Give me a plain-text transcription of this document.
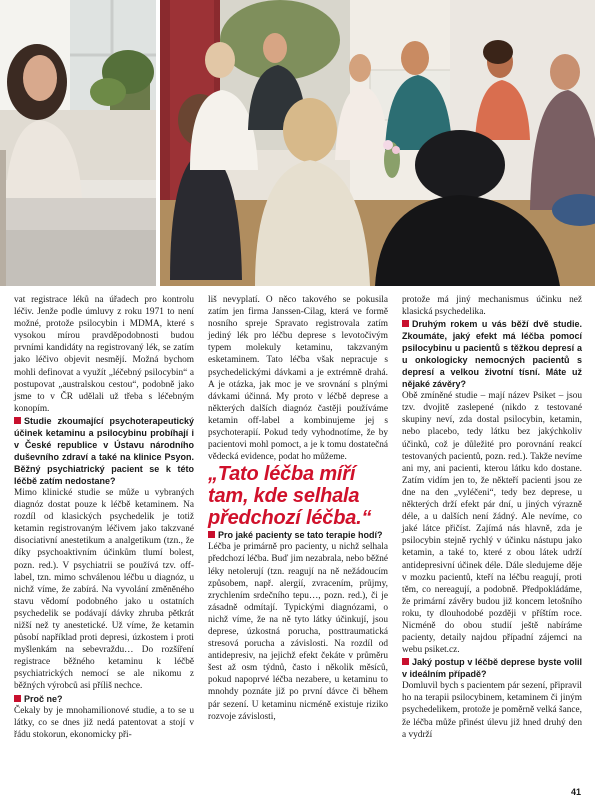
vat registrace léků na úřadech pro kontrolu léčiv. Jenže podle úmluvy z roku 1971 to není možné, protože psilocybin i MDMA, které s vysokou mírou pravděpodobnosti budou prvními kandidáty na registrovaný lék, se zatím jako léčivo objevit nesmějí. Možná bychom mohli definovat a využít „léčebný psilocybin“ a postupovat „australskou cestou“, podobně jako jsme to v ČR udělali už třeba s léčebným konopím.

Studie zkoumající psychoterapeutický účinek ketaminu a psilocybinu probíhají i v České republice v Ústavu národního duševního zdraví a také na klinice Psyon. Běžný psychiatrický pacient se k této léčbě zatím nedostane?

Mimo klinické studie se může u vybraných diagnóz dostat pouze k léčbě ketaminem. Na rozdíl od klasických psychedelik je totiž ketamin registrovaným léčivem jako takzvané disociativní anestetikum a analgetikum (tzn., že díky psychoaktivním účinkům tlumí bolest, pozn. red.). V psychiatrii se používá tzv. off-label, tzn. mimo schválenou léčbu u diagnóz, u nichž víme, že zabírá. Na vyvolání změněného stavu vědomí podobného jako u ostatních psychedelik se podávají dávky zhruba pětkrát nižší než ty anestetické. Už víme, že ketamin působí například proti depresi, úzkostem i proti myšlenkám na sebevraždu… Do rozšíření registrace běžného ketaminu k léčbě psychiatrických nemocí se ale nikomu z běžných výrobců asi příliš nechce.

Proč ne?

Čekaly by je mnohamilionové studie, a to se u látky, co se dnes již nedá patentovat a stojí v řádu stokorun, ekonomicky při-

liš nevyplatí. O něco takového se pokusila zatím jen firma Janssen-Cilag, která ve formě nosního spreje Spravato registrovala zatím jediný lék pro léčbu deprese s levotočivým typem molekuly ketaminu, takzvaným esketaminem. Tato léčba však nepracuje s psychedelickými dávkami a je extrémně drahá. A je otázka, jak moc je ve srovnání s plnými dávkami účinná. My proto v léčbě deprese a některých dalších diagnóz častěji používáme ketamin off-label a kombinujeme jej s psychoterapií. Pokud tedy vyhodnotíme, že by pacientovi mohl pomoct, a je k tomu dostatečná vědecká evidence, podat ho můžeme.

„Tato léčba míří tam, kde selhala předchozí léčba.“

Pro jaké pacienty se tato terapie hodí?

Léčba je primárně pro pacienty, u nichž selhala předchozí léčba. Buď jim nezabrala, nebo běžné léky netolerují (tzn. reagují na ně nežádoucím způsobem, např. alergií, zvracením, průjmy, zrychlením srdečního tepu…, pozn. red.), či je zásadně odmítají. Typickými diagnózami, o nichž víme, že na ně tyto látky účinkují, jsou deprese, úzkostná porucha, posttraumatická stresová porucha a závislosti. Na rozdíl od antidepresiv, na jejichž efekt čekáte v průměru šest až osm týdnů, často i několik měsíců, pokud napoprvé léčba nezabere, u ketaminu to mnohdy poznáte již po první dávce či během pár sezení. U ketaminu nicméně existuje riziko rozvoje závislosti,

protože má jiný mechanismus účinku než klasická psychedelika.

Druhým rokem u vás běží dvě studie. Zkoumáte, jaký efekt má léčba pomocí psilocybinu u pacientů s těžkou depresí a u onkologicky nemocných pacientů s depresí a velkou životní tísní. Máte už nějaké závěry?

Obě zmíněné studie – mají název Psiket – jsou tzv. dvojitě zaslepené (nikdo z testované skupiny neví, zda dostal psilocybin, ketamin, nebo placebo, tedy látku bez jakýchkoliv účinků, což je důležité pro porovnání reakcí testovaných pacientů, pozn. red.). Takže nevíme ani my, ani pacienti, kterou látku kdo dostane. Zatím vidím jen to, že někteří pacienti jsou ze dne na den „vyléčeni“, tedy bez deprese, u některých drží efekt pár dní, u jiných výrazně déle, a u dalších není žádný. Ale nevíme, co jaké látce přičíst. Zajímá nás hlavně, zda je psilocybin stejně rychlý v účinku nástupu jako ketamin, a také to, které z obou látek udrží antidepresivní účinek déle. Dále sledujeme děje v mozku pacientů, kteří na léčbu reagují, proti těm, co nereagují, a podobně. Předpokládáme, že primární závěry budou již koncem letošního roku, ty dlouhodobé později v příštím roce. Nicméně do obou studií ještě nabíráme pacienty, detaily najdou případní zájemci na webu psiket.cz.

Jaký postup v léčbě deprese byste volil v ideálním případě?

Domluvil bych s pacientem pár sezení, připravil ho na terapii psilocybinem, ketaminem či jiným psychedelikem, protože je poměrně velká šance, že léčba může přinést úlevu již hned druhý den a vydrží

41
